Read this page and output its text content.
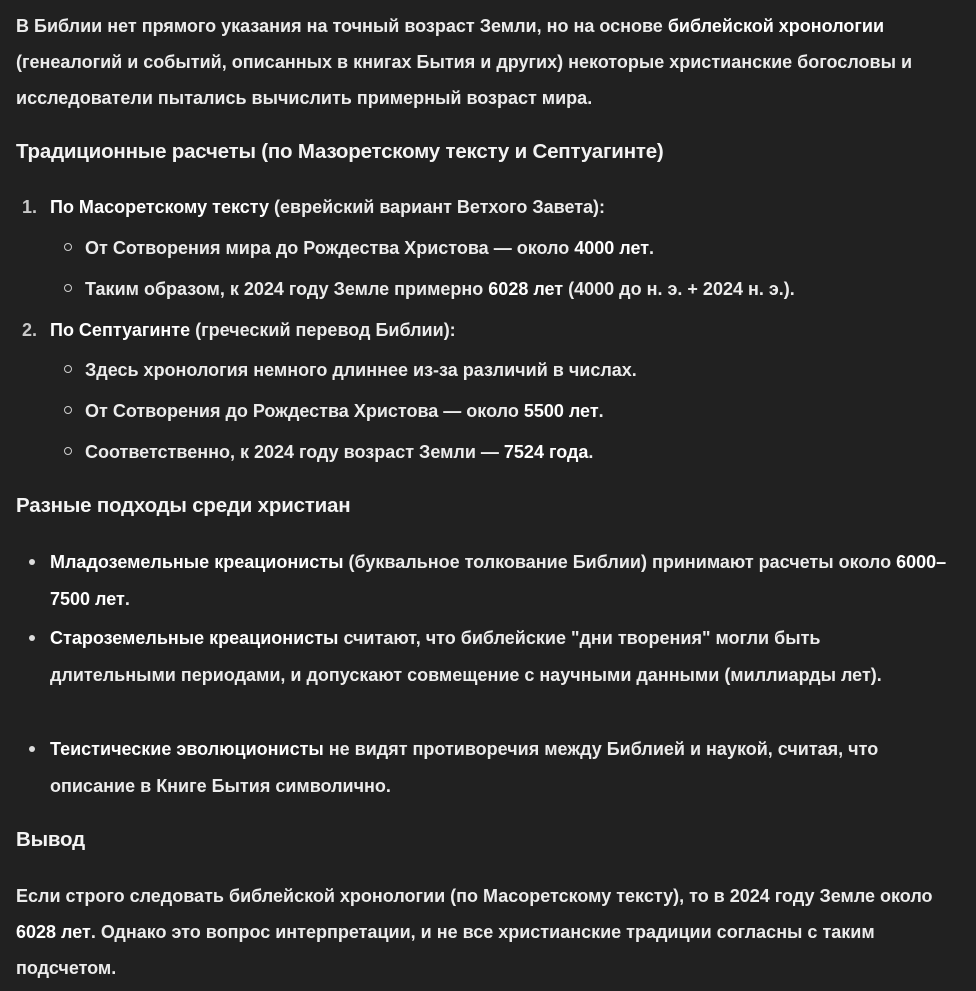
В Библии нет прямого указания на точный возраст Земли, но на основе библейской хронологии (генеалогий и событий, описанных в книгах Бытия и других) некоторые христианские богословы и исследователи пытались вычислить примерный возраст мира.

Традиционные расчеты (по Мазоретскому тексту и Септуагинте)
1. По Масоретскому тексту (еврейский вариант Ветхого Завета):
От Сотворения мира до Рождества Христова — около 4000 лет.
Таким образом, к 2024 году Земле примерно 6028 лет (4000 до н. э. + 2024 н. э.).
2. По Септуагинте (греческий перевод Библии):
Здесь хронология немного длиннее из-за различий в числах.
От Сотворения до Рождества Христова — около 5500 лет.
Соответственно, к 2024 году возраст Земли — 7524 года.
Разные подходы среди христиан
Младоземельные креационисты (буквальное толкование Библии) принимают расчеты около 6000–7500 лет.
Староземельные креационисты считают, что библейские "дни творения" могли быть длительными периодами, и допускают совмещение с научными данными (миллиарды лет).
Теистические эволюционисты не видят противоречия между Библией и наукой, считая, что описание в Книге Бытия символично.
Вывод

Если строго следовать библейской хронологии (по Масоретскому тексту), то в 2024 году Земле около 6028 лет. Однако это вопрос интерпретации, и не все христианские традиции согласны с таким подсчетом.
